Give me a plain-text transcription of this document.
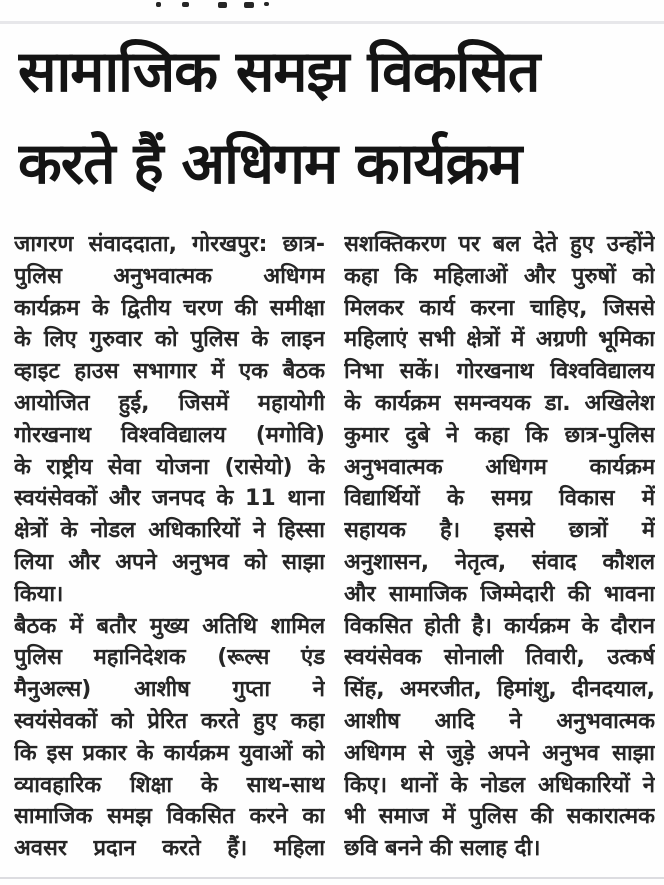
सामाजिक समझ विकसित
करते हैं अधिगम कार्यक्रम
जागरण संवाददाता, गोरखपुर: छात्र-
पुलिस अनुभवात्मक अधिगम
कार्यक्रम के द्वितीय चरण की समीक्षा
के लिए गुरुवार को पुलिस के लाइन
व्हाइट हाउस सभागार में एक बैठक
आयोजित हुई, जिसमें महायोगी
गोरखनाथ विश्वविद्यालय (मगोवि)
के राष्ट्रीय सेवा योजना (रासेयो) के
स्वयंसेवकों और जनपद के 11 थाना
क्षेत्रों के नोडल अधिकारियों ने हिस्सा
लिया और अपने अनुभव को साझा
किया।
बैठक में बतौर मुख्य अतिथि शामिल
पुलिस महानिदेशक (रूल्स एंड
मैनुअल्स) आशीष गुप्ता ने
स्वयंसेवकों को प्रेरित करते हुए कहा
कि इस प्रकार के कार्यक्रम युवाओं को
व्यावहारिक शिक्षा के साथ-साथ
सामाजिक समझ विकसित करने का
अवसर प्रदान करते हैं। महिला
सशक्तिकरण पर बल देते हुए उन्होंने
कहा कि महिलाओं और पुरुषों को
मिलकर कार्य करना चाहिए, जिससे
महिलाएं सभी क्षेत्रों में अग्रणी भूमिका
निभा सकें। गोरखनाथ विश्वविद्यालय
के कार्यक्रम समन्वयक डा. अखिलेश
कुमार दुबे ने कहा कि छात्र-पुलिस
अनुभवात्मक अधिगम कार्यक्रम
विद्यार्थियों के समग्र विकास में
सहायक है। इससे छात्रों में
अनुशासन, नेतृत्व, संवाद कौशल
और सामाजिक जिम्मेदारी की भावना
विकसित होती है। कार्यक्रम के दौरान
स्वयंसेवक सोनाली तिवारी, उत्कर्ष
सिंह, अमरजीत, हिमांशु, दीनदयाल,
आशीष आदि ने अनुभवात्मक
अधिगम से जुड़े अपने अनुभव साझा
किए। थानों के नोडल अधिकारियों ने
भी समाज में पुलिस की सकारात्मक
छवि बनने की सलाह दी।
